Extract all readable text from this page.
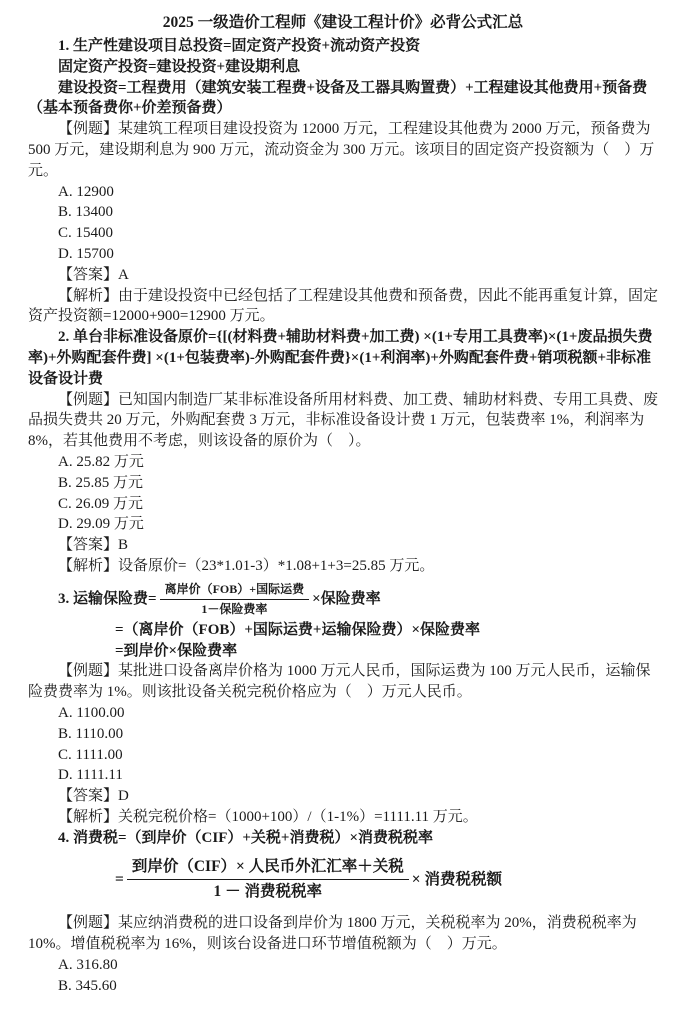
2025 一级造价工程师《建设工程计价》必背公式汇总

1. 生产性建设项目总投资=固定资产投资+流动资产投资

固定资产投资=建设投资+建设期利息

建设投资=工程费用（建筑安装工程费+设备及工器具购置费）+工程建设其他费用+预备费（基本预备费你+价差预备费）

【例题】某建筑工程项目建设投资为 12000 万元，工程建设其他费为 2000 万元，预备费为 500 万元，建设期利息为 900 万元，流动资金为 300 万元。该项目的固定资产投资额为（　）万元。

A. 12900

B. 13400

C. 15400

D. 15700

【答案】A

【解析】由于建设投资中已经包括了工程建设其他费和预备费，因此不能再重复计算，固定资产投资额=12000+900=12900 万元。

2. 单台非标准设备原价={[(材料费+辅助材料费+加工费) ×(1+专用工具费率)×(1+废品损失费率)+外购配套件费] ×(1+包装费率)-外购配套件费}×(1+利润率)+外购配套件费+销项税额+非标准设备设计费

【例题】已知国内制造厂某非标准设备所用材料费、加工费、辅助材料费、专用工具费、废品损失费共 20 万元，外购配套费 3 万元，非标准设备设计费 1 万元，包装费率 1%，利润率为 8%，若其他费用不考虑，则该设备的原价为（　）。

A. 25.82 万元

B. 25.85 万元

C. 26.09 万元

D. 29.09 万元

【答案】B

【解析】设备原价=（23*1.01-3）*1.08+1+3=25.85 万元。

3. 运输保险费= $\frac{\text{离岸价（FOB）+国际运费}}{\text{1－保险费率}}$ ×保险费率

=（离岸价（FOB）+国际运费+运输保险费）×保险费率

=到岸价×保险费率

【例题】某批进口设备离岸价格为 1000 万元人民币，国际运费为 100 万元人民币，运输保险费费率为 1%。则该批设备关税完税价格应为（　）万元人民币。

A. 1100.00

B. 1110.00

C. 1111.00

D. 1111.11

【答案】D

【解析】关税完税价格=（1000+100）/（1-1%）=1111.11 万元。

4. 消费税=（到岸价（CIF）+关税+消费税）×消费税税率

= $\frac{\text{到岸价（CIF）× 人民币外汇汇率＋关税}}{\text{1 － 消费税税率}}$ × 消费税税额

【例题】某应纳消费税的进口设备到岸价为 1800 万元，关税税率为 20%，消费税税率为 10%。增值税税率为 16%，则该台设备进口环节增值税额为（　）万元。

A. 316.80

B. 345.60
